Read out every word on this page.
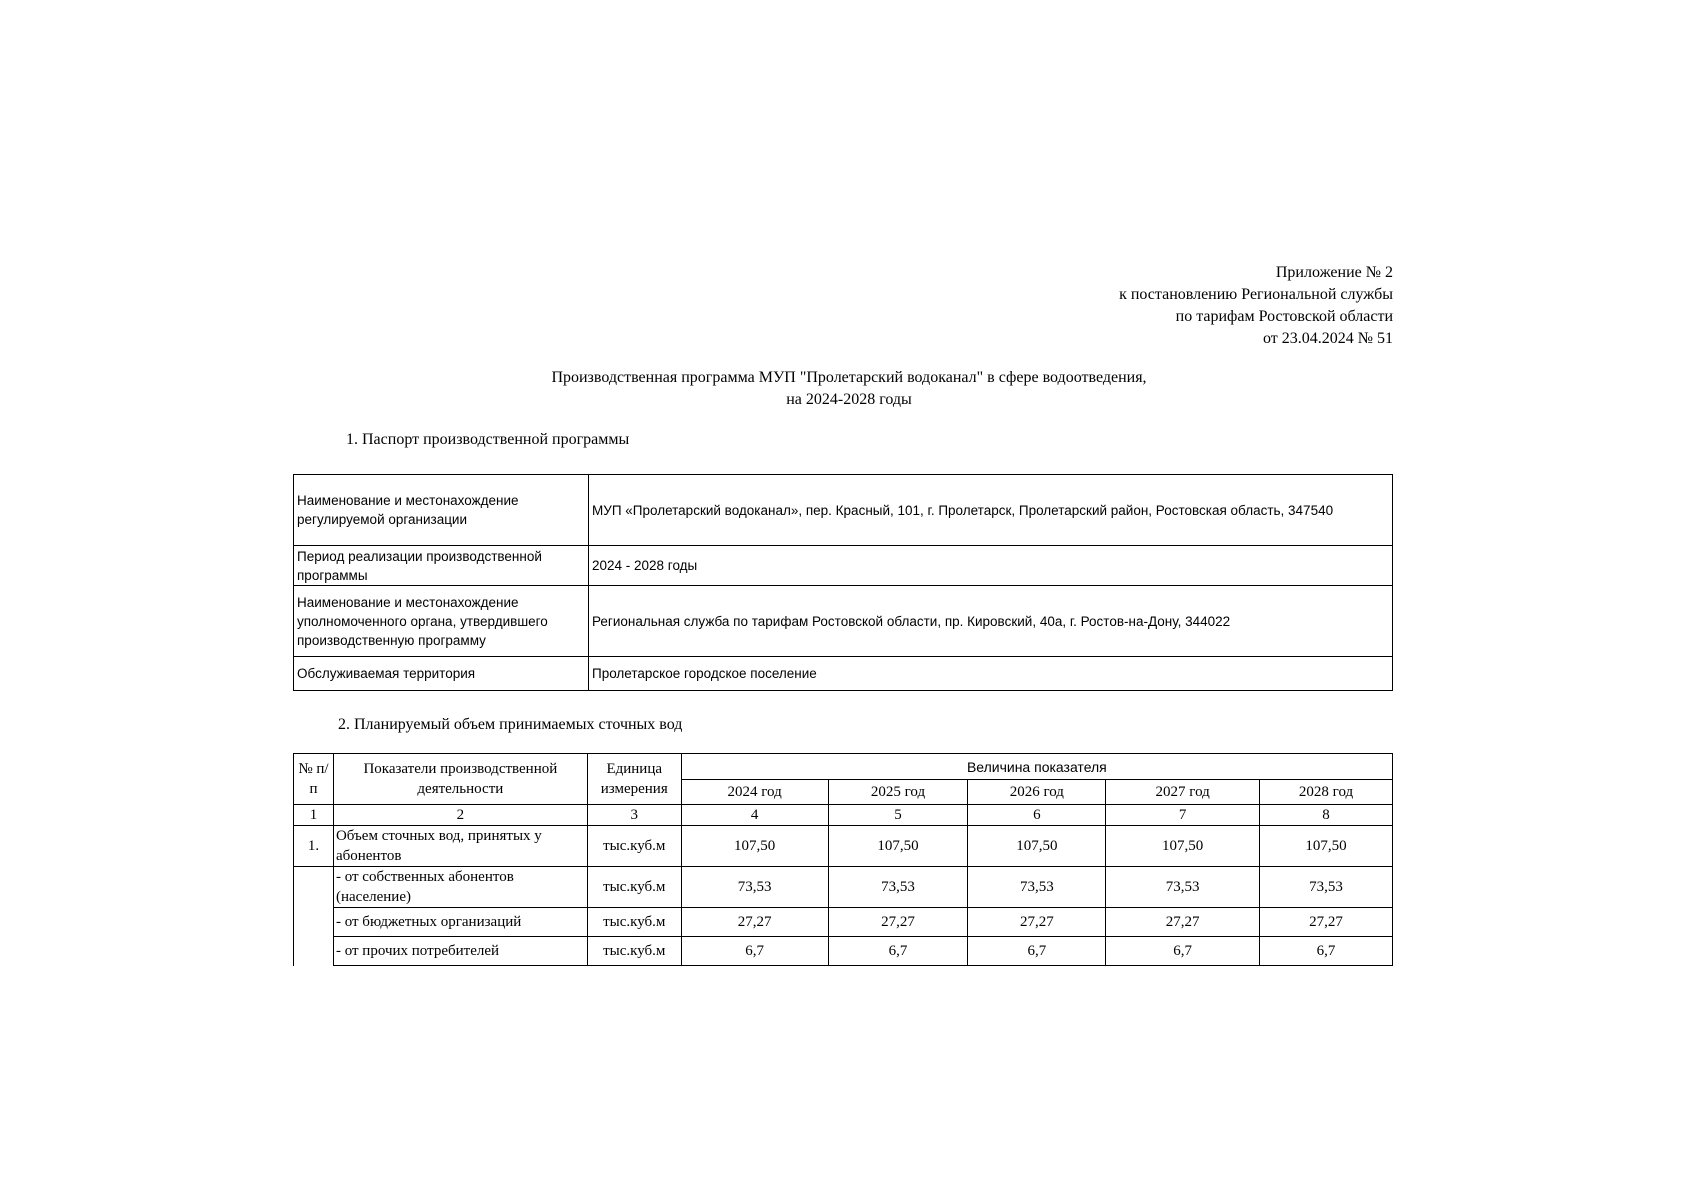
Приложение № 2
к постановлению Региональной службы
по тарифам Ростовской области
от 23.04.2024 № 51
Производственная программа МУП "Пролетарский водоканал" в сфере водоотведения,
на 2024-2028 годы
1. Паспорт производственной программы
Наименование и местонахождение регулируемой организации	МУП «Пролетарский водоканал», пер. Красный, 101, г. Пролетарск, Пролетарский район, Ростовская область, 347540
Период реализации производственной программы	2024 - 2028 годы
Наименование и местонахождение уполномоченного органа, утвердившего производственную программу	Региональная служба по тарифам Ростовской области, пр. Кировский, 40а, г. Ростов-на-Дону, 344022
Обслуживаемая территория	Пролетарское городское поселение
2. Планируемый объем принимаемых сточных вод
№ п/п	Показатели производственной деятельности	Единица измерения	Величина показателя				
			2024 год	2025 год	2026 год	2027 год	2028 год
1	2	3	4	5	6	7	8
1.	Объем сточных вод, принятых у абонентов	тыс.куб.м	107,50	107,50	107,50	107,50	107,50
	- от собственных абонентов (население)	тыс.куб.м	73,53	73,53	73,53	73,53	73,53
	- от бюджетных организаций	тыс.куб.м	27,27	27,27	27,27	27,27	27,27
	- от прочих потребителей	тыс.куб.м	6,7	6,7	6,7	6,7	6,7
